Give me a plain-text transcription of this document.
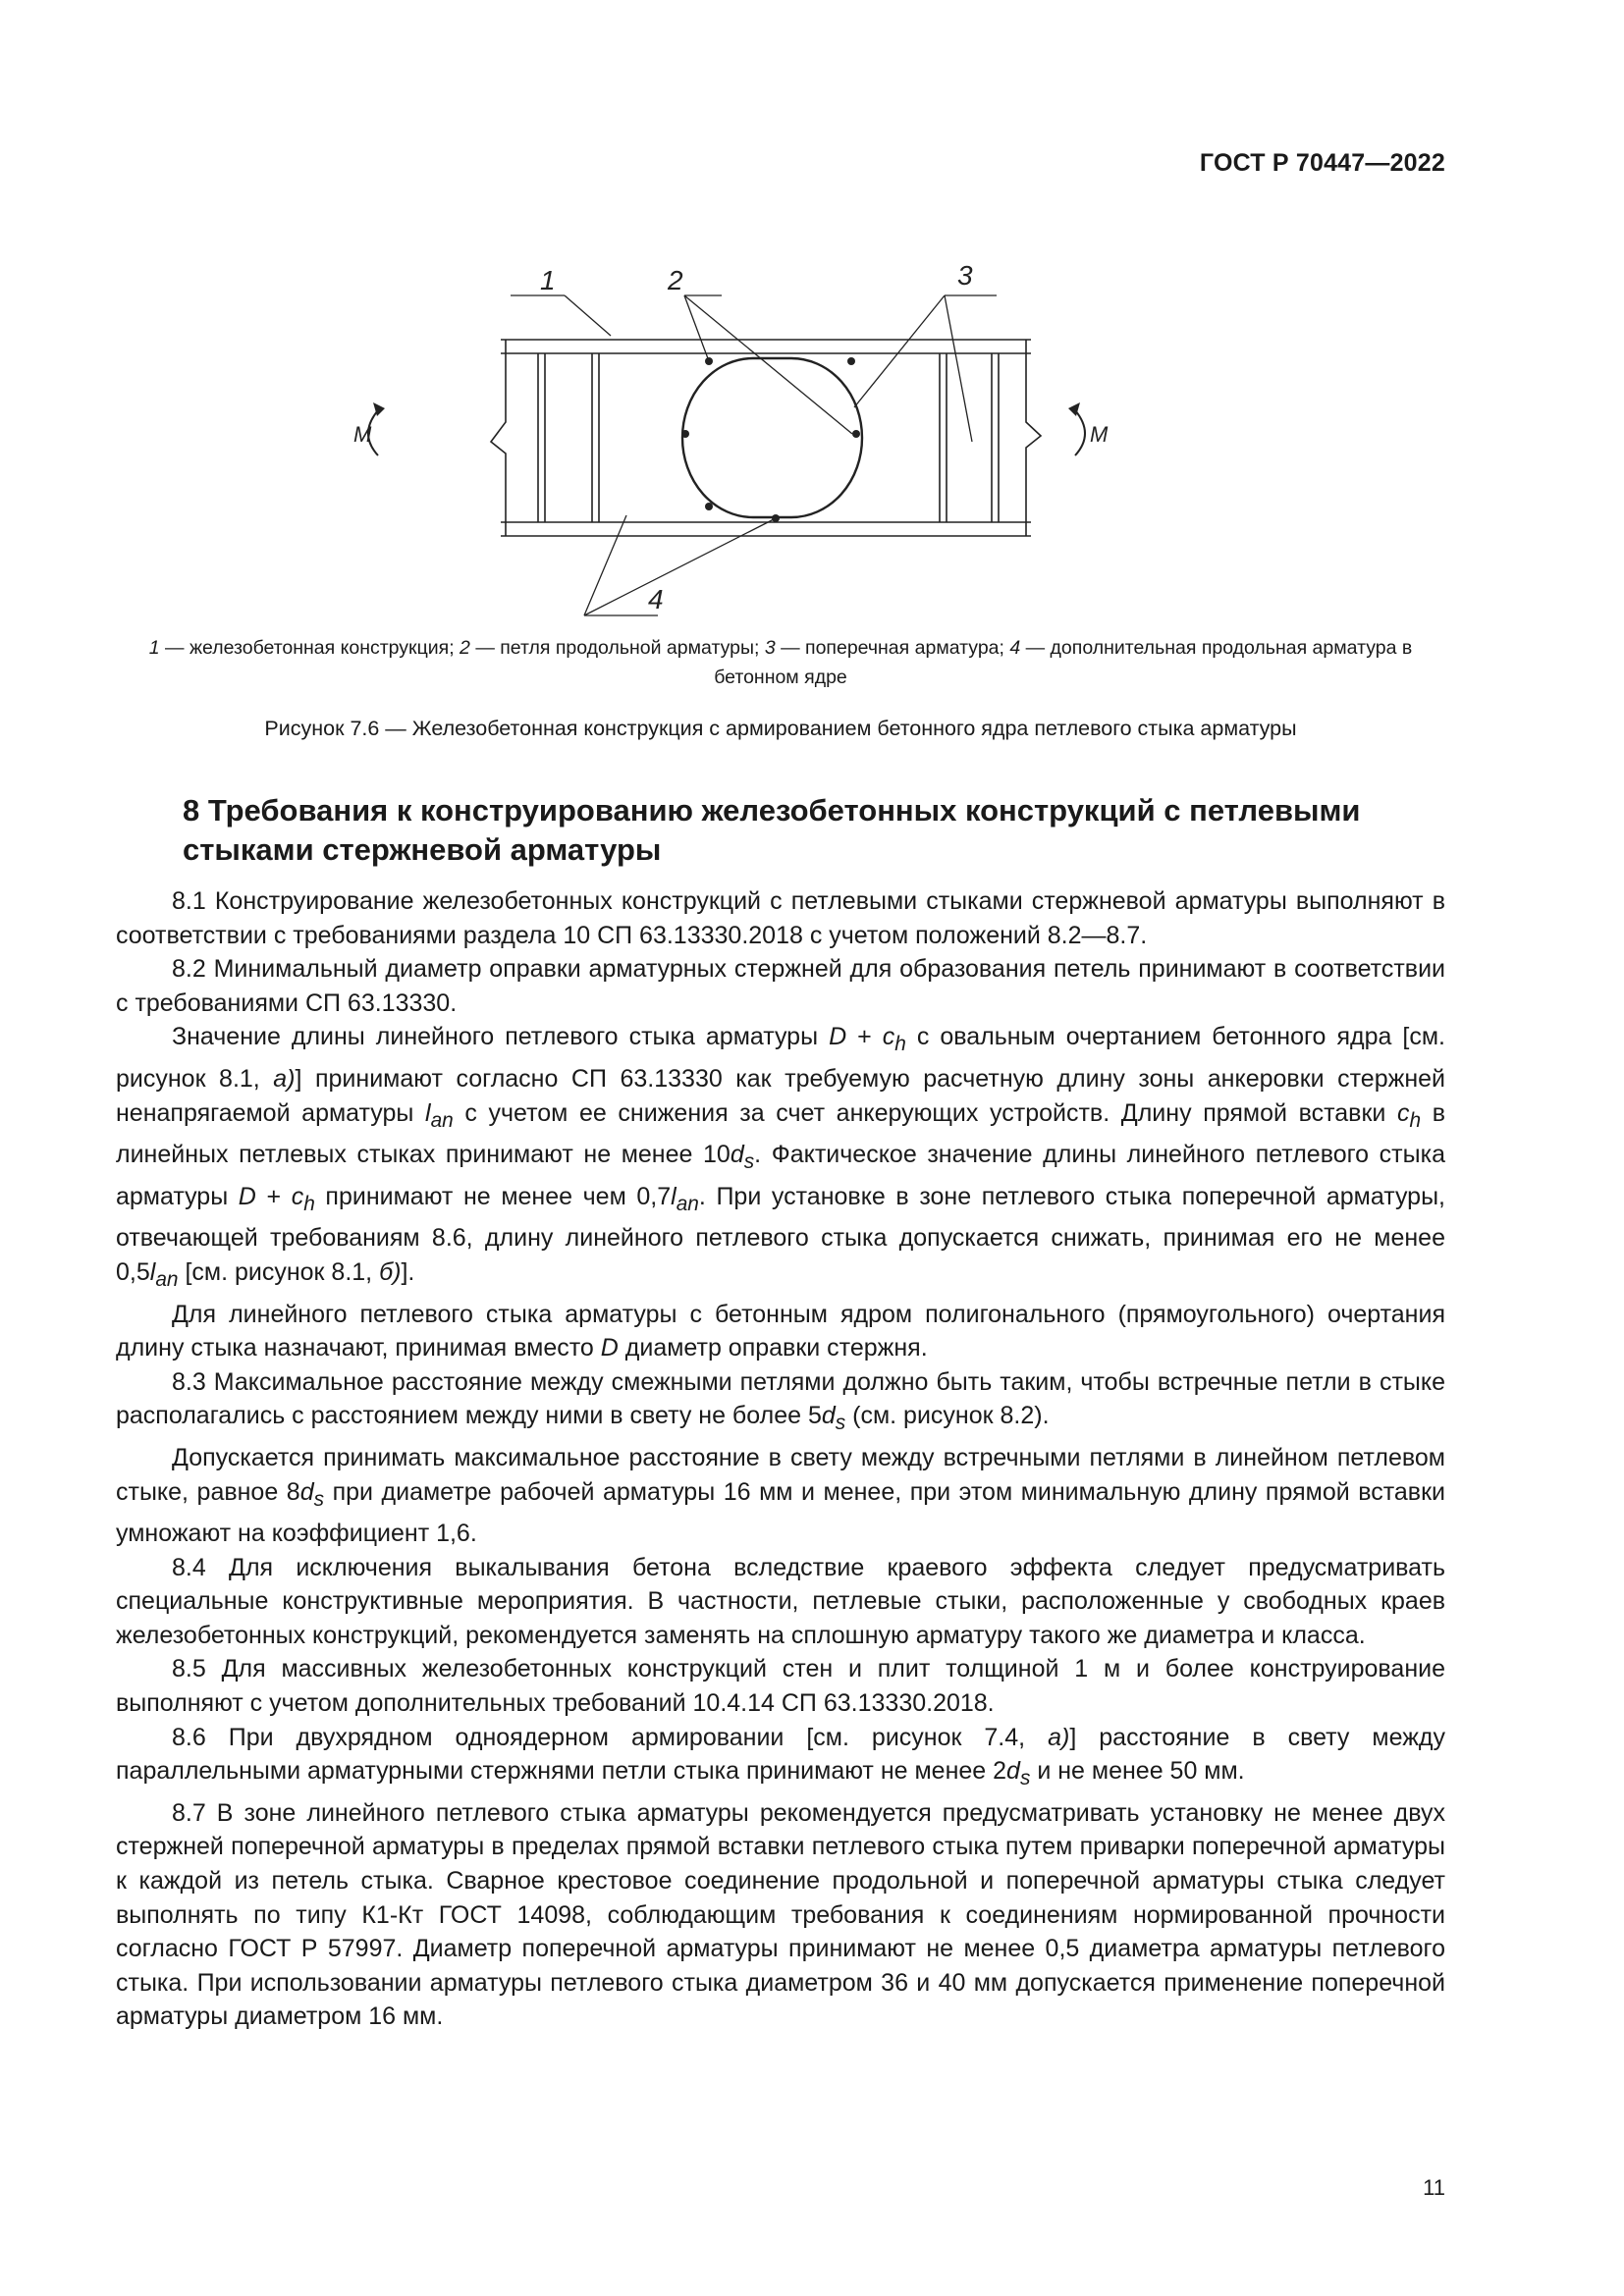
ГОСТ Р 70447—2022
1	2	3
4
M	M
1 — железобетонная конструкция; 2 — петля продольной арматуры; 3 — поперечная арматура; 4 — дополнительная продольная арматура в бетонном ядре
Рисунок 7.6 — Железобетонная конструкция с армированием бетонного ядра петлевого стыка арматуры
8 Требования к конструированию железобетонных конструкций с петлевыми стыками стержневой арматуры

8.1 Конструирование железобетонных конструкций с петлевыми стыками стержневой арматуры выполняют в соответствии с требованиями раздела 10 СП 63.13330.2018 с учетом положений 8.2—8.7.

8.2 Минимальный диаметр оправки арматурных стержней для образования петель принимают в соответствии с требованиями СП 63.13330.

Значение длины линейного петлевого стыка арматуры $D + c_h$ с овальным очертанием бетонного ядра [см. рисунок 8.1, а)] принимают согласно СП 63.13330 как требуемую расчетную длину зоны анкеровки стержней ненапрягаемой арматуры $l_{an}$ с учетом ее снижения за счет анкерующих устройств. Длину прямой вставки $c_h$ в линейных петлевых стыках принимают не менее $10d_s$. Фактическое значение длины линейного петлевого стыка арматуры $D + c_h$ принимают не менее чем $0,7l_{an}$. При установке в зоне петлевого стыка поперечной арматуры, отвечающей требованиям 8.6, длину линейного петлевого стыка допускается снижать, принимая его не менее $0,5l_{an}$ [см. рисунок 8.1, б)].

Для линейного петлевого стыка арматуры с бетонным ядром полигонального (прямоугольного) очертания длину стыка назначают, принимая вместо D диаметр оправки стержня.

8.3 Максимальное расстояние между смежными петлями должно быть таким, чтобы встречные петли в стыке располагались с расстоянием между ними в свету не более $5d_s$ (см. рисунок 8.2).

Допускается принимать максимальное расстояние в свету между встречными петлями в линейном петлевом стыке, равное $8d_s$ при диаметре рабочей арматуры 16 мм и менее, при этом минимальную длину прямой вставки умножают на коэффициент 1,6.

8.4 Для исключения выкалывания бетона вследствие краевого эффекта следует предусматривать специальные конструктивные мероприятия. В частности, петлевые стыки, расположенные у свободных краев железобетонных конструкций, рекомендуется заменять на сплошную арматуру такого же диаметра и класса.

8.5 Для массивных железобетонных конструкций стен и плит толщиной 1 м и более конструирование выполняют с учетом дополнительных требований 10.4.14 СП 63.13330.2018.

8.6 При двухрядном одноядерном армировании [см. рисунок 7.4, а)] расстояние в свету между параллельными арматурными стержнями петли стыка принимают не менее $2d_s$ и не менее 50 мм.

8.7 В зоне линейного петлевого стыка арматуры рекомендуется предусматривать установку не менее двух стержней поперечной арматуры в пределах прямой вставки петлевого стыка путем приварки поперечной арматуры к каждой из петель стыка. Сварное крестовое соединение продольной и поперечной арматуры стыка следует выполнять по типу К1-Кт ГОСТ 14098, соблюдающим требования к соединениям нормированной прочности согласно ГОСТ Р 57997. Диаметр поперечной арматуры принимают не менее 0,5 диаметра арматуры петлевого стыка. При использовании арматуры петлевого стыка диаметром 36 и 40 мм допускается применение поперечной арматуры диаметром 16 мм.

11
